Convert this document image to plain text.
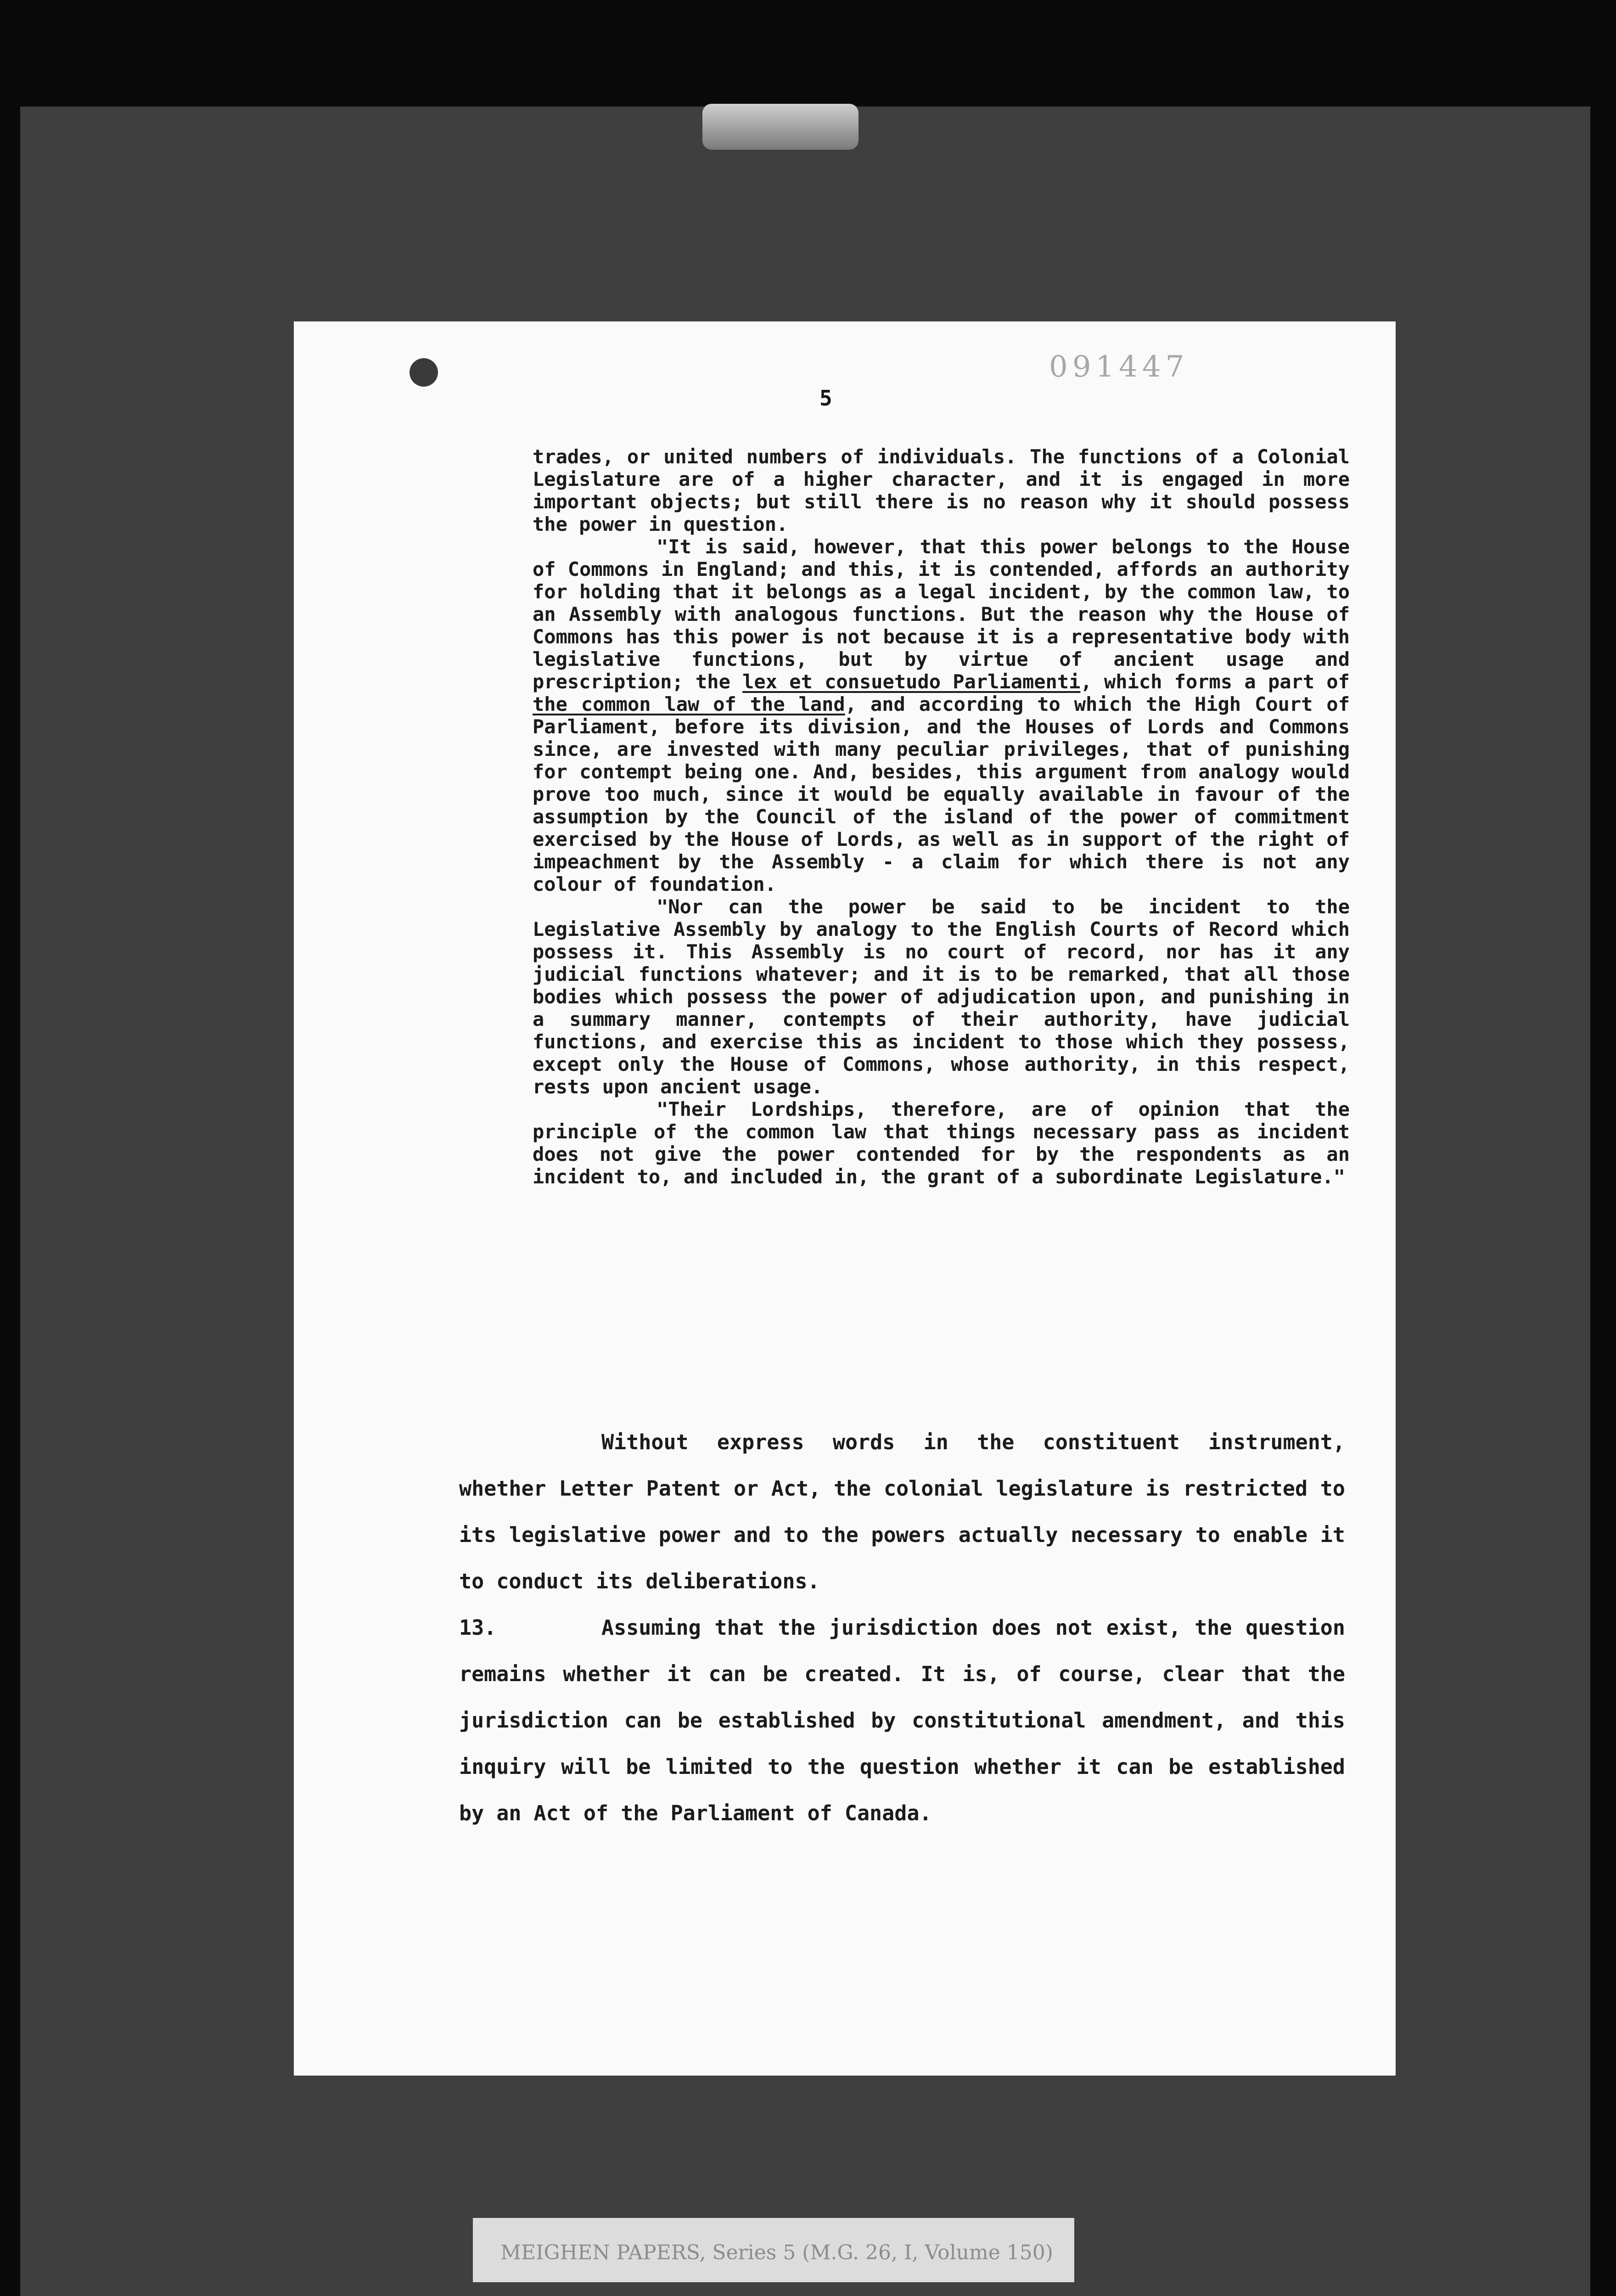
5
091447

trades, or united numbers of individuals. The functions of a Colonial Legislature are of a higher character, and it is engaged in more important objects; but still there is no reason why it should possess the power in question.

"It is said, however, that this power belongs to the House of Commons in England; and this, it is contended, affords an authority for holding that it belongs as a legal incident, by the common law, to an Assembly with analogous functions. But the reason why the House of Commons has this power is not because it is a representative body with legislative functions, but by virtue of ancient usage and prescription; the lex et consuetudo Parliamenti, which forms a part of the common law of the land, and according to which the High Court of Parliament, before its division, and the Houses of Lords and Commons since, are invested with many peculiar privileges, that of punishing for contempt being one. And, besides, this argument from analogy would prove too much, since it would be equally available in favour of the assumption by the Council of the island of the power of commitment exercised by the House of Lords, as well as in support of the right of impeachment by the Assembly - a claim for which there is not any colour of foundation.

"Nor can the power be said to be incident to the Legislative Assembly by analogy to the English Courts of Record which possess it. This Assembly is no court of record, nor has it any judicial functions whatever; and it is to be remarked, that all those bodies which possess the power of adjudication upon, and punishing in a summary manner, contempts of their authority, have judicial functions, and exercise this as incident to those which they possess, except only the House of Commons, whose authority, in this respect, rests upon ancient usage.

"Their Lordships, therefore, are of opinion that the principle of the common law that things necessary pass as incident does not give the power contended for by the respondents as an incident to, and included in, the grant of a subordinate Legislature."

Without express words in the constituent instrument, whether Letter Patent or Act, the colonial legislature is restricted to its legislative power and to the powers actually necessary to enable it to conduct its deliberations.

13.	Assuming that the jurisdiction does not exist, the question remains whether it can be created. It is, of course, clear that the jurisdiction can be established by constitutional amendment, and this inquiry will be limited to the question whether it can be established by an Act of the Parliament of Canada.

MEIGHEN PAPERS, Series 5 (M.G. 26, I, Volume 150)
